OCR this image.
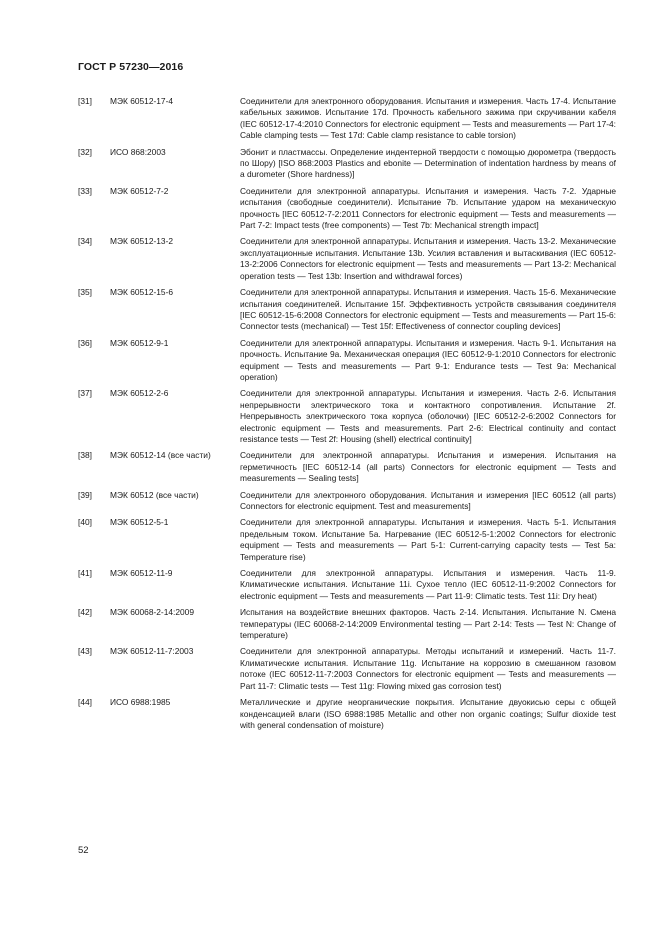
ГОСТ Р 57230—2016
[31]	МЭК 60512-17-4	Соединители для электронного оборудования. Испытания и измерения. Часть 17-4. Испытание кабельных зажимов. Испытание 17d. Прочность кабельного зажима при скручивании кабеля (IEC 60512-17-4:2010 Connectors for electronic equipment — Tests and measurements — Part 17-4: Cable clamping tests — Test 17d: Cable clamp resistance to cable torsion)
[32]	ИСО 868:2003	Эбонит и пластмассы. Определение индентерной твердости с помощью дюрометра (твердость по Шору) [ISO 868:2003 Plastics and ebonite — Determination of indentation hardness by means of a durometer (Shore hardness)]
[33]	МЭК 60512-7-2	Соединители для электронной аппаратуры. Испытания и измерения. Часть 7-2. Ударные испытания (свободные соединители). Испытание 7b. Испытание ударом на механическую прочность [IEC 60512-7-2:2011 Connectors for electronic equipment — Tests and measurements — Part 7-2: Impact tests (free components) — Test 7b: Mechanical strength impact]
[34]	МЭК 60512-13-2	Соединители для электронной аппаратуры. Испытания и измерения. Часть 13-2. Механические эксплуатационные испытания. Испытание 13b. Усилия вставления и вытаскивания (IEC 60512-13-2:2006 Connectors for electronic equipment — Tests and measurements — Part 13-2: Mechanical operation tests — Test 13b: Insertion and withdrawal forces)
[35]	МЭК 60512-15-6	Соединители для электронной аппаратуры. Испытания и измерения. Часть 15-6. Механические испытания соединителей. Испытание 15f. Эффективность устройств связывания соединителя [IEC 60512-15-6:2008 Connectors for electronic equipment — Tests and measurements — Part 15-6: Connector tests (mechanical) — Test 15f: Effectiveness of connector coupling devices]
[36]	МЭК 60512-9-1	Соединители для электронной аппаратуры. Испытания и измерения. Часть 9-1. Испытания на прочность. Испытание 9а. Механическая операция (IEC 60512-9-1:2010 Connectors for electronic equipment — Tests and measurements — Part 9-1: Endurance tests — Test 9a: Mechanical operation)
[37]	МЭК 60512-2-6	Соединители для электронной аппаратуры. Испытания и измерения. Часть 2-6. Испытания непрерывности электрического тока и контактного сопротивления. Испытание 2f. Непрерывность электрического тока корпуса (оболочки) [IEC 60512-2-6:2002 Connectors for electronic equipment — Tests and measurements. Part 2-6: Electrical continuity and contact resistance tests — Test 2f: Housing (shell) electrical continuity]
[38]	МЭК 60512-14 (все части)	Соединители для электронной аппаратуры. Испытания и измерения. Испытания на герметичность [IEC 60512-14 (all parts) Connectors for electronic equipment — Tests and measurements — Sealing tests]
[39]	МЭК 60512 (все части)	Соединители для электронного оборудования. Испытания и измерения [IEC 60512 (all parts) Connectors for electronic equipment. Test and measurements]
[40]	МЭК 60512-5-1	Соединители для электронной аппаратуры. Испытания и измерения. Часть 5-1. Испытания предельным током. Испытание 5а. Нагревание (IEC 60512-5-1:2002 Connectors for electronic equipment — Tests and measurements — Part 5-1: Current-carrying capacity tests — Test 5a: Temperature rise)
[41]	МЭК 60512-11-9	Соединители для электронной аппаратуры. Испытания и измерения. Часть 11-9. Климатические испытания. Испытание 11i. Сухое тепло (IEC 60512-11-9:2002 Connectors for electronic equipment — Tests and measurements — Part 11-9: Climatic tests. Test 11i: Dry heat)
[42]	МЭК 60068-2-14:2009	Испытания на воздействие внешних факторов. Часть 2-14. Испытания. Испытание N. Смена температуры (IEC 60068-2-14:2009 Environmental testing — Part 2-14: Tests — Test N: Change of temperature)
[43]	МЭК 60512-11-7:2003	Соединители для электронной аппаратуры. Методы испытаний и измерений. Часть 11-7. Климатические испытания. Испытание 11g. Испытание на коррозию в смешанном газовом потоке (IEC 60512-11-7:2003 Connectors for electronic equipment — Tests and measurements — Part 11-7: Climatic tests — Test 11g: Flowing mixed gas corrosion test)
[44]	ИСО 6988:1985	Металлические и другие неорганические покрытия. Испытание двуокисью серы с общей конденсацией влаги (ISO 6988:1985 Metallic and other non organic coatings; Sulfur dioxide test with general condensation of moisture)
52
